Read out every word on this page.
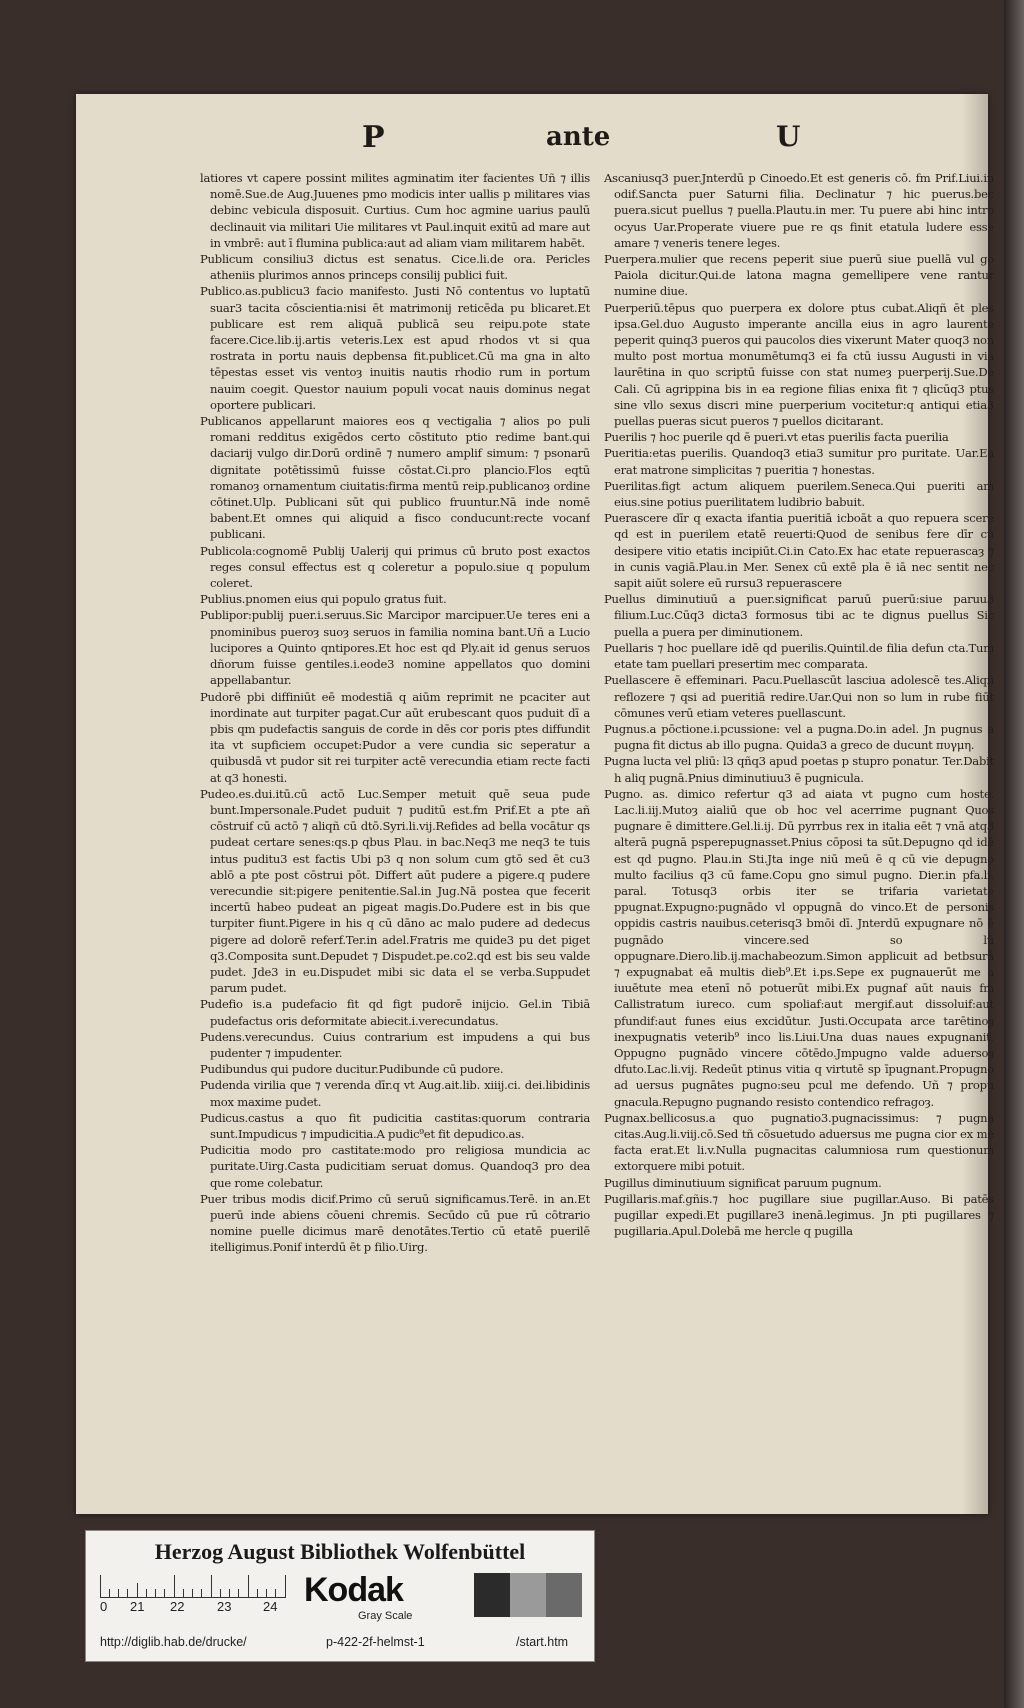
P	ante	U

latiores vt capere possint milites agminatim iter facientes Uñ ⁊ illis nomē.Sue.de Aug.Juuenes pmo modicis inter uallis p militares vias debinc vebicula disposuit. Curtius. Cum hoc agmine uarius paulū declinauit via militari Uie militares vt Paul.inquit exitū ad mare aut in vmbrē: aut ī flumina publica:aut ad aliam viam militarem habēt.

Publicum consiliu3 dictus est senatus. Cice.li.de ora. Pericles atheniis plurimos annos princeps consilij publici fuit.

Publico.as.publicu3 facio manifesto. Justi Nō contentus vo luptatū suar3 tacita cōscientia:nisi ēt matrimonij reticēda pu blicaret.Et publicare est rem aliquā publicā seu reipu.pote state facere.Cice.lib.ij.artis veteris.Lex est apud rhodos vt si qua rostrata in portu nauis depbensa fit.publicet.Cū ma gna in alto tēpestas esset vis ventoȝ inuitis nautis rhodio rum in portum nauim coegit. Questor nauium populi vocat nauis dominus negat oportere publicari.

Publicanos appellarunt maiores eos q vectigalia ⁊ alios po puli romani redditus exigēdos certo cōstituto ptio redime bant.qui daciarij vulgo dir.Dorū ordinē ⁊ numero amplif simum: ⁊ psonarū dignitate potētissimū fuisse cōstat.Ci.pro plancio.Flos eqtū romanoȝ ornamentum ciuitatis:firma mentū reip.publicanoȝ ordine cōtinet.Ulp. Publicani sūt qui publico fruuntur.Nā inde nomē babent.Et omnes qui aliquid a fisco conducunt:recte vocanf publicani.

Publicola:cognomē Publij Ualerij qui primus cū bruto post exactos reges consul effectus est q coleretur a populo.siue q populum coleret.

Publius.pnomen eius qui populo gratus fuit.

Publipor:publij puer.i.seruus.Sic Marcipor marcipuer.Ue teres eni a pnominibus pueroȝ suoȝ seruos in familia nomina bant.Uñ a Lucio lucipores a Quinto qntipores.Et hoc est qd Ply.ait id genus seruos dñorum fuisse gentiles.i.eode3 nomine appellatos quo domini appellabantur.

Pudorē pbi diffiniūt eē modestiā q aiūm reprimit ne pcaciter aut inordinate aut turpiter pagat.Cur aūt erubescant quos puduit dī a pbis qm pudefactis sanguis de corde in dēs cor poris ptes diffundit ita vt supficiem occupet:Pudor a vere cundia sic seperatur a quibusdā vt pudor sit rei turpiter actē verecundia etiam recte facti at q3 honesti.

Pudeo.es.dui.itū.cū actō Luc.Semper metuit quē seua pude bunt.Impersonale.Pudet puduit ⁊ puditū est.fm Prif.Et a pte añ cōstruif cū actō ⁊ aliqñ cū dtō.Syri.li.vij.Refides ad bella vocātur qs pudeat certare senes:qs.p qbus Plau. in bac.Neq3 me neq3 te tuis intus puditu3 est factis Ubi p3 q non solum cum gtō sed ēt cu3 ablō a pte post cōstrui pōt. Differt aūt pudere a pigere.q pudere verecundie sit:pigere penitentie.Sal.in Jug.Nā postea que fecerit incertū habeo pudeat an pigeat magis.Do.Pudere est in bis que turpiter fiunt.Pigere in his q cū dāno ac malo pudere ad dedecus pigere ad dolorē referf.Ter.in adel.Fratris me quide3 pu det piget q3.Composita sunt.Depudet ⁊ Dispudet.pe.co2.qd est bis seu valde pudet. Jde3 in eu.Dispudet mibi sic data el se verba.Suppudet parum pudet.

Pudefio is.a pudefacio fit qd figt pudorē inijcio. Gel.in Tibiā pudefactus oris deformitate abiecit.i.verecundatus.

Pudens.verecundus. Cuius contrarium est impudens a qui bus pudenter ⁊ impudenter.

Pudibundus qui pudore ducitur.Pudibunde cū pudore.

Pudenda virilia que ⁊ verenda dīr.q vt Aug.ait.lib. xiiij.ci. dei.libidinis mox maxime pudet.

Pudicus.castus a quo fit pudicitia castitas:quorum contraria sunt.Impudicus ⁊ impudicitia.A pudic⁹et fit depudico.as.

Pudicitia modo pro castitate:modo pro religiosa mundicia ac puritate.Uirg.Casta pudicitiam seruat domus. Quandoq3 pro dea que rome colebatur.

Puer tribus modis dicif.Primo cū seruū significamus.Terē. in an.Et puerū inde abiens cōueni chremis. Secūdo cū pue rū cōtrario nomine puelle dicimus marē denotātes.Tertio cū etatē puerilē itelligimus.Ponif interdū ēt p filio.Uirg.

Ascaniusq3 puer.Jnterdū p Cinoedo.Et est generis cō. fm Prif.Liui.in odif.Sancta puer Saturni filia. Declinatur ⁊ hic puerus.bec puera.sicut puellus ⁊ puella.Plautu.in mer. Tu puere abi hinc intro ocyus Uar.Properate viuere pue re qs finit etatula ludere esse amare ⁊ veneris tenere leges.

Puerpera.mulier que recens peperit siue puerū siue puellā vul go Paiola dicitur.Qui.de latona magna gemellipere vene rantur numine diue.

Puerperiū.tēpus quo puerpera ex dolore ptus cubat.Aliqñ ēt ples ipsa.Gel.duo Augusto imperante ancilla eius in agro laurente peperit quinq3 pueros qui paucolos dies vixerunt Mater quoq3 non multo post mortua monumētumq3 ei fa ctū iussu Augusti in via laurētina in quo scriptū fuisse con stat numeȝ puerperij.Sue.De Cali. Cū agrippina bis in ea regione filias enixa fit ⁊ qlicūq3 ptus sine vllo sexus discri mine puerperium vocitetur:q antiqui etia3 puellas pueras sicut pueros ⁊ puellos dicitarant.

Puerilis ⁊ hoc puerile qd ē pueri.vt etas puerilis facta puerilia

Pueritia:etas puerilis. Quandoq3 etia3 sumitur pro puritate. Uar.Ea erat matrone simplicitas ⁊ pueritia ⁊ honestas.

Puerilitas.figt actum aliquem puerilem.Seneca.Qui pueriti am eius.sine potius puerilitatem ludibrio babuit.

Puerascere dīr q exacta ifantia pueritiā icboāt a quo repuera scere qd est in puerilem etatē reuerti:Quod de senibus fere dīr cū desipere vitio etatis incipiūt.Ci.in Cato.Ex hac etate repuerascaȝ ⁊ in cunis vagiā.Plau.in Mer. Senex cū extē pla ē iā nec sentit nec sapit aiūt solere eū rursu3 repuerascere

Puellus diminutiuū a puer.significat paruū puerū:siue paruu3 filium.Luc.Cūq3 dicta3 formosus tibi ac te dignus puellus Sic puella a puera per diminutionem.

Puellaris ⁊ hoc puellare idē qd puerilis.Quintil.de filia defun cta.Tum etate tam puellari presertim mec comparata.

Puellascere ē effeminari. Pacu.Puellascūt lasciua adolescē tes.Aliqñ reflozere ⁊ qsi ad pueritiā redire.Uar.Qui non so lum in rube fiūt cōmunes verū etiam veteres puellascunt.

Pugnus.a pōctione.i.pcussione: vel a pugna.Do.in adel. Jn pugnus a pugna fit dictus ab illo pugna. Quida3 a greco de ducunt πυγμη.

Pugna lucta vel pliū: l3 qñq3 apud poetas p stupro ponatur. Ter.Dabit h aliq pugnā.Pnius diminutiuu3 ē pugnicula.

Pugno. as. dimico refertur q3 ad aiata vt pugno cum hoste. Lac.li.iij.Mutoȝ aialiū que ob hoc vel acerrime pugnant Quos pugnare ē dimittere.Gel.li.ij. Dū pyrrbus rex in italia eēt ⁊ vnā atq3 alterā pugnā psperepugnasset.Pnius cōposi ta sūt.Depugno qd idē est qd pugno. Plau.in Sti.Jta inge niū meū ē q cū vie depugno multo facilius q3 cū fame.Copu gno simul pugno. Dier.in pfa.li. paral. Totusq3 orbis iter se trifaria varietate ppugnat.Expugno:pugnādo vl oppugnā do vinco.Et de personis oppidis castris nauibus.ceterisq3 bmōi dī. Jnterdū expugnare nō ē pugnādo vincere.sed so lū oppugnare.Diero.lib.ij.machabeozum.Simon applicuit ad betbsurā ⁊ expugnabat eā multis dieb⁹.Et i.ps.Sepe ex pugnauerūt me a iuuētute mea etenī nō potuerūt mibi.Ex pugnaf aūt nauis fm Callistratum iureco. cum spoliaf:aut mergif.aut dissoluif:aut pfundif:aut funes eius excidūtur. Justi.Occupata arce tarētinoȝ inexpugnatis veterib⁹ inco lis.Liui.Una duas naues expugnanit. Oppugno pugnādo vincere cōtēdo.Jmpugno valde aduersoȝ dfuto.Lac.li.vij. Redeūt ptinus vitia q virtutē sp īpugnant.Propugno ad uersus pugnātes pugno:seu pcul me defendo. Uñ ⁊ propu gnacula.Repugno pugnando resisto contendico refragoȝ.

Pugnax.bellicosus.a quo pugnatio3.pugnacissimus: ⁊ pugna citas.Aug.li.viij.cō.Sed tñ cōsuetudo aduersus me pugna cior ex me facta erat.Et li.v.Nulla pugnacitas calumniosa rum questionum extorquere mibi potuit.

Pugillus diminutiuum significat paruum pugnum.

Pugillaris.maf.gñis.⁊ hoc pugillare siue pugillar.Auso. Bi patēs pugillar expedi.Et pugillare3 inenā.legimus. Jn pti pugillares ⁊ pugillaria.Apul.Dolebā me hercle q pugilla

Herzog August Bibliothek Wolfenbüttel
0 21 22	23 24 Kodak
Gray Scale
http://diglib.hab.de/drucke/	p-422-2f-helmst-1	/start.htm
